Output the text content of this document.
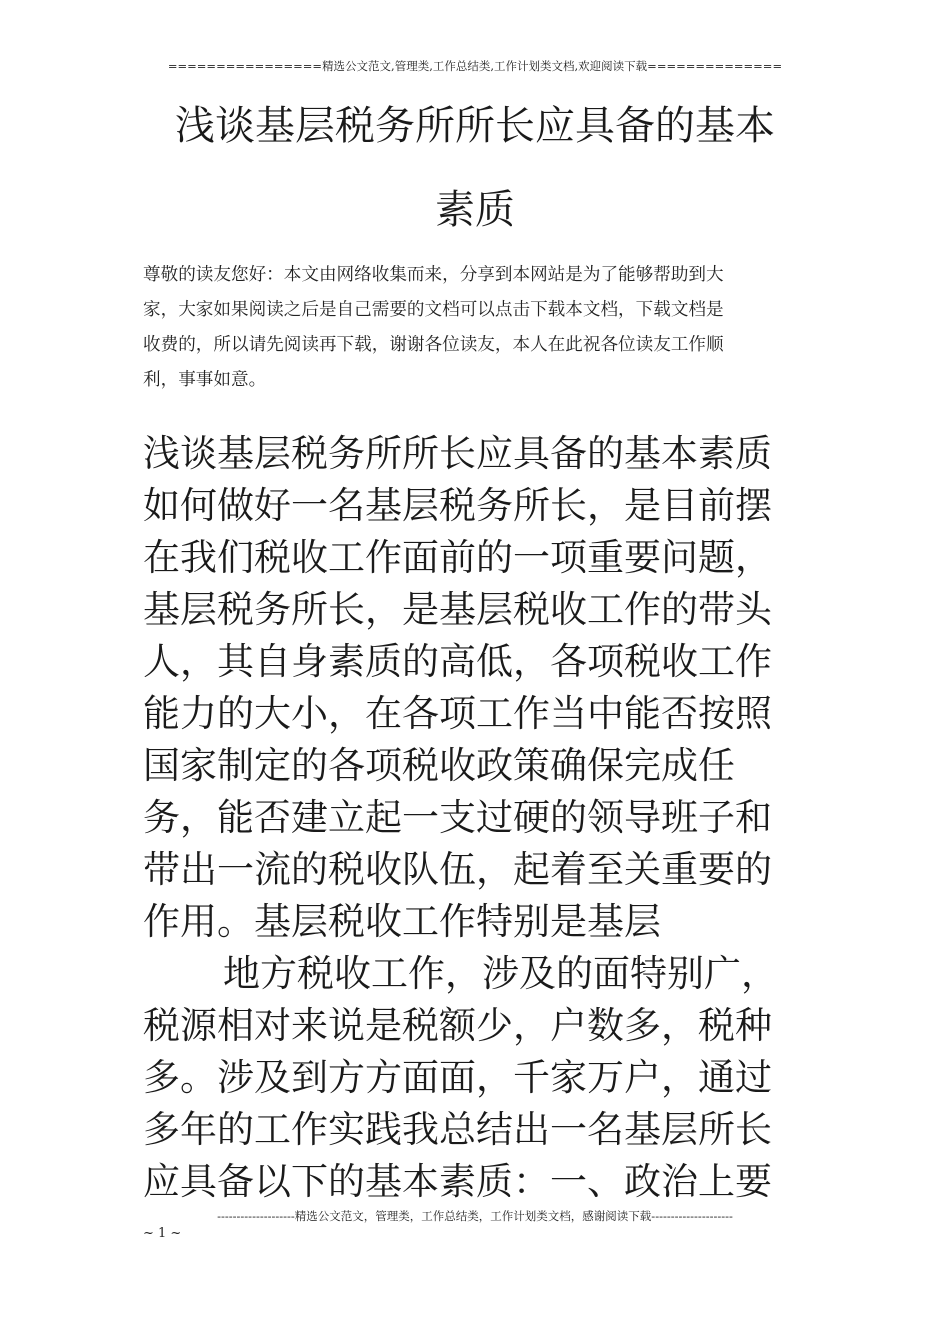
================精选公文范文,管理类,工作总结类,工作计划类文档,欢迎阅读下载==============
浅谈基层税务所所长应具备的基本
素质
尊敬的读友您好：本文由网络收集而来，分享到本网站是为了能够帮助到大
家，大家如果阅读之后是自己需要的文档可以点击下载本文档，下载文档是
收费的，所以请先阅读再下载，谢谢各位读友，本人在此祝各位读友工作顺
利，事事如意。
浅谈基层税务所所长应具备的基本素质
如何做好一名基层税务所长，是目前摆
在我们税收工作面前的一项重要问题，
基层税务所长，是基层税收工作的带头
人，其自身素质的高低，各项税收工作
能力的大小，在各项工作当中能否按照
国家制定的各项税收政策确保完成任
务，能否建立起一支过硬的领导班子和
带出一流的税收队伍，起着至关重要的
作用。基层税收工作特别是基层
地方税收工作，涉及的面特别广，
税源相对来说是税额少，户数多，税种
多。涉及到方方面面，千家万户，通过
多年的工作实践我总结出一名基层所长
应具备以下的基本素质：一、政治上要
--------------------精选公文范文，管理类，工作总结类，工作计划类文档，感谢阅读下载---------------------
~ 1 ~
